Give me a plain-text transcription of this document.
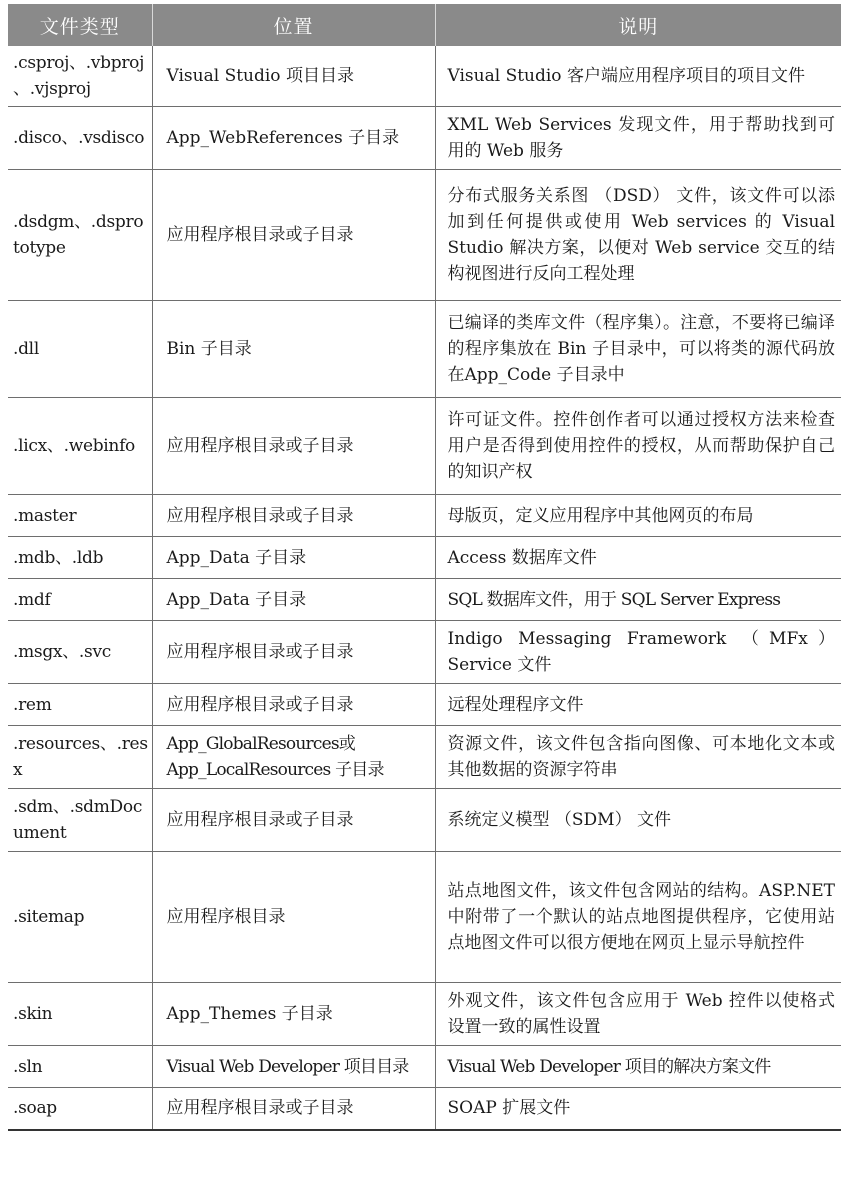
文件类型	位置	说明
.csproj、.vbproj、.vjsproj	Visual Studio 项目目录	Visual Studio 客户端应用程序项目的项目文件
.disco、.vsdisco	App_WebReferences 子目录	XML Web Services 发现文件，用于帮助找到可用的 Web 服务
.dsdgm、.dsprototype	应用程序根目录或子目录	分布式服务关系图 （DSD） 文件，该文件可以添加到任何提供或使用 Web services 的 Visual Studio 解决方案，以便对 Web service 交互的结构视图进行反向工程处理
.dll	Bin 子目录	已编译的类库文件（程序集）。注意，不要将已编译的程序集放在 Bin 子目录中，可以将类的源代码放在App_Code 子目录中
.licx、.webinfo	应用程序根目录或子目录	许可证文件。控件创作者可以通过授权方法来检查用户是否得到使用控件的授权，从而帮助保护自己的知识产权
.master	应用程序根目录或子目录	母版页，定义应用程序中其他网页的布局
.mdb、.ldb	App_Data 子目录	Access 数据库文件
.mdf	App_Data 子目录	SQL 数据库文件，用于 SQL Server Express
.msgx、.svc	应用程序根目录或子目录	Indigo Messaging Framework （MFx） Service 文件
.rem	应用程序根目录或子目录	远程处理程序文件
.resources、.resx	App_GlobalResources或App_LocalResources 子目录	资源文件，该文件包含指向图像、可本地化文本或其他数据的资源字符串
.sdm、.sdmDocument	应用程序根目录或子目录	系统定义模型 （SDM） 文件
.sitemap	应用程序根目录	站点地图文件，该文件包含网站的结构。ASP.NET 中附带了一个默认的站点地图提供程序，它使用站点地图文件可以很方便地在网页上显示导航控件
.skin	App_Themes 子目录	外观文件，该文件包含应用于 Web 控件以使格式设置一致的属性设置
.sln	Visual Web Developer 项目目录	Visual Web Developer 项目的解决方案文件
.soap	应用程序根目录或子目录	SOAP 扩展文件
